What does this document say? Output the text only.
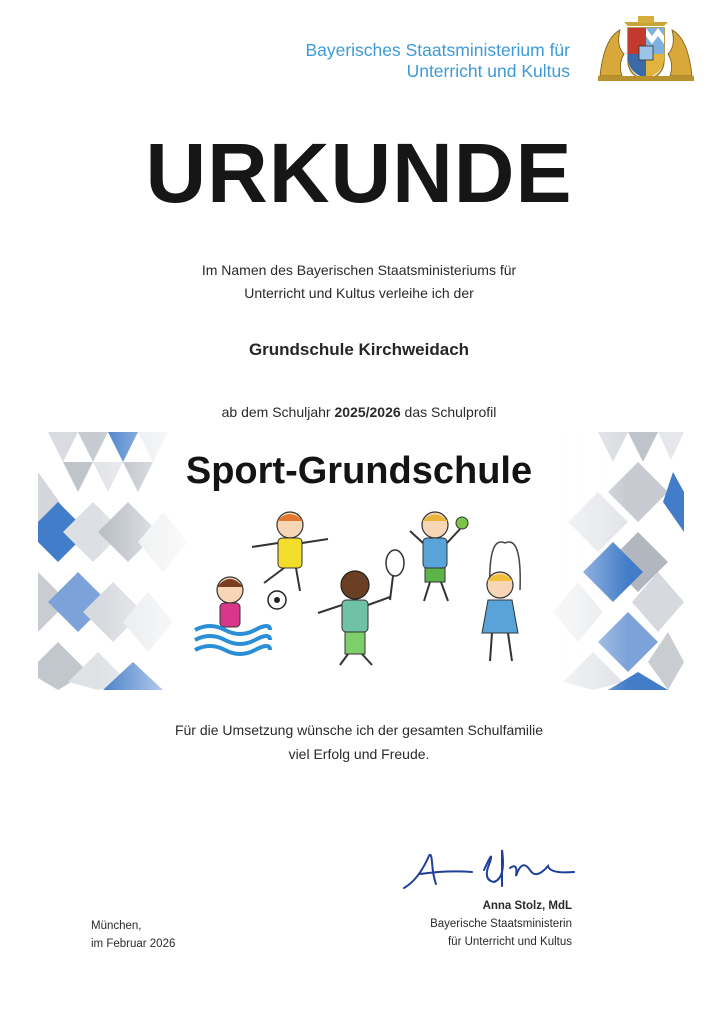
Bayerisches Staatsministerium für
Unterricht und Kultus
URKUNDE
Im Namen des Bayerischen Staatsministeriums für
Unterricht und Kultus verleihe ich der
Grundschule Kirchweidach
ab dem Schuljahr 2025/2026 das Schulprofil
Sport-Grundschule
Für die Umsetzung wünsche ich der gesamten Schulfamilie
viel Erfolg und Freude.
München,
im Februar 2026
Anna Stolz, MdL
Bayerische Staatsministerin
für Unterricht und Kultus
